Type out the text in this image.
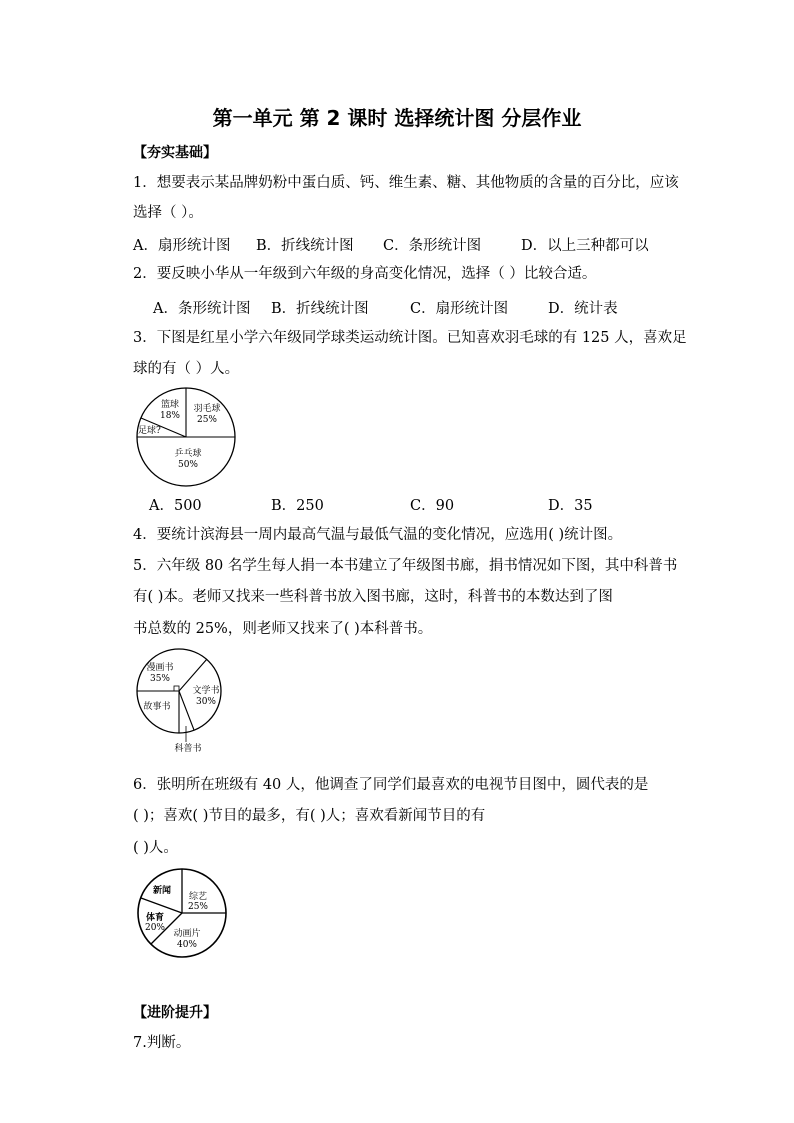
第一单元 第 2 课时 选择统计图 分层作业
【夯实基础】
1．想要表示某品牌奶粉中蛋白质、钙、维生素、糖、其他物质的含量的百分比，应该
选择（ ）。
A．扇形统计图 B．折线统计图 C．条形统计图	D．以上三种都可以
2．要反映小华从一年级到六年级的身高变化情况，选择（ ）比较合适。
A．条形统计图 B．折线统计图	C．扇形统计图	D．统计表
3．下图是红星小学六年级同学球类运动统计图。已知喜欢羽毛球的有 125 人，喜欢足
球的有（ ）人。
篮球
18%
羽毛球
25%
足球?
乒乓球
50%
A．500	B．250	C．90	D．35
4．要统计滨海县一周内最高气温与最低气温的变化情况，应选用( )统计图。
5．六年级 80 名学生每人捐一本书建立了年级图书廊，捐书情况如下图，其中科普书
有( )本。老师又找来一些科普书放入图书廊，这时，科普书的本数达到了图
书总数的 25%，则老师又找来了( )本科普书。
漫画书
35%
文学书
30%
故事书
科普书
6．张明所在班级有 40 人，他调查了同学们最喜欢的电视节目图中，圆代表的是
( )；喜欢( )节目的最多，有( )人；喜欢看新闻节目的有
( )人。
新闻
综艺
25%
体育
20%
动画片
40%
【进阶提升】
7.判断。
